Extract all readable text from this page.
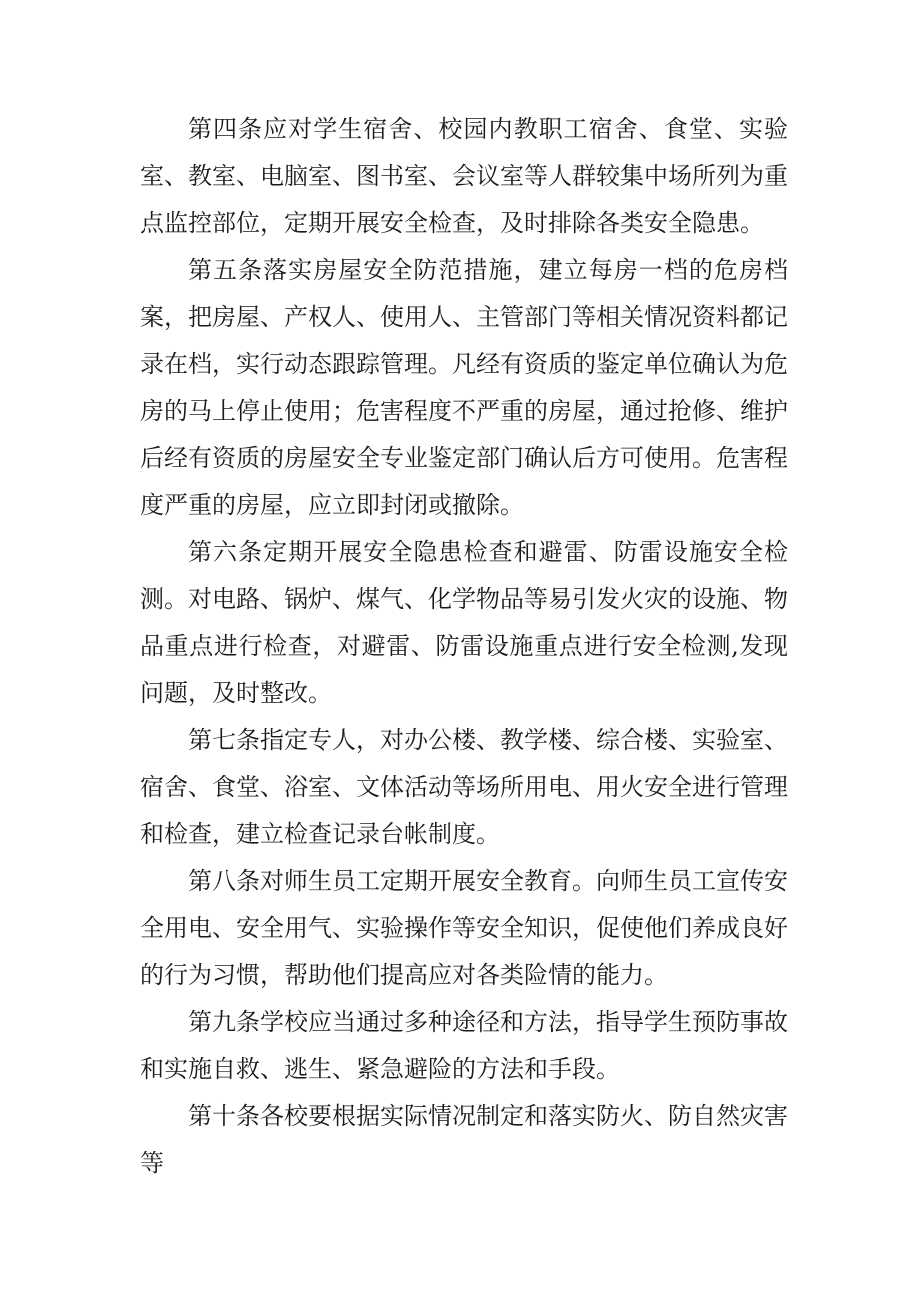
第四条应对学生宿舍、校园内教职工宿舍、食堂、实验室、教室、电脑室、图书室、会议室等人群较集中场所列为重点监控部位，定期开展安全检查，及时排除各类安全隐患。

第五条落实房屋安全防范措施，建立每房一档的危房档案，把房屋、产权人、使用人、主管部门等相关情况资料都记录在档，实行动态跟踪管理。凡经有资质的鉴定单位确认为危房的马上停止使用；危害程度不严重的房屋，通过抢修、维护后经有资质的房屋安全专业鉴定部门确认后方可使用。危害程度严重的房屋，应立即封闭或撤除。

第六条定期开展安全隐患检查和避雷、防雷设施安全检测。对电路、锅炉、煤气、化学物品等易引发火灾的设施、物品重点进行检查，对避雷、防雷设施重点进行安全检测,发现问题，及时整改。

第七条指定专人，对办公楼、教学楼、综合楼、实验室、宿舍、食堂、浴室、文体活动等场所用电、用火安全进行管理和检查，建立检查记录台帐制度。

第八条对师生员工定期开展安全教育。向师生员工宣传安全用电、安全用气、实验操作等安全知识，促使他们养成良好的行为习惯，帮助他们提高应对各类险情的能力。

第九条学校应当通过多种途径和方法，指导学生预防事故和实施自救、逃生、紧急避险的方法和手段。

第十条各校要根据实际情况制定和落实防火、防自然灾害等
